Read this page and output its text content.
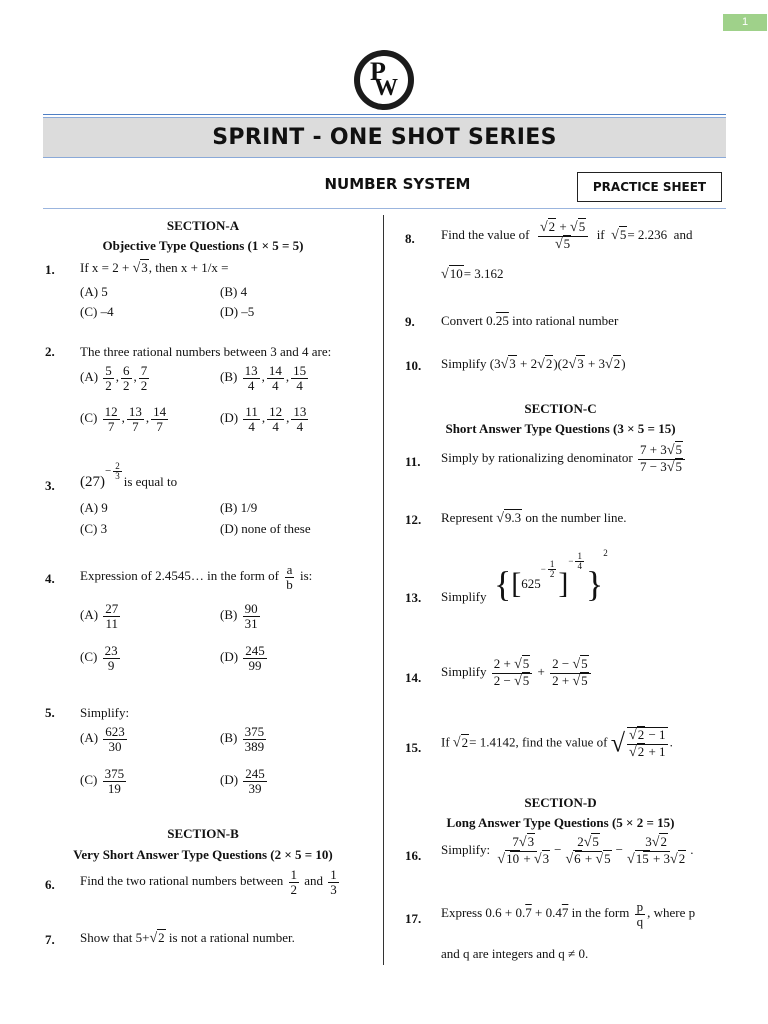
1
P
W
SPRINT - ONE SHOT SERIES
NUMBER SYSTEM	PRACTICE SHEET
SECTION-A
Objective Type Questions (1 × 5 = 5)
1. If x = 2 + √3, then x + 1/x =
(A) 5	(B) 4
(C) –4	(D) –5
2. The three rational numbers between 3 and 4 are:
$(A) \frac{5}{2}$ , $\frac{6}{2}$ , $\frac{7}{2}$	$(B) \frac{13}{4}$ , $\frac{14}{4}$ , $\frac{15}{4}$
$(C) \frac{12}{7}$ , $\frac{13}{7}$ , $\frac{14}{7}$	$(D) \frac{11}{4}$ , $\frac{12}{4}$ , $\frac{13}{4}$
3. $(27)^{- \frac{2}{3}}$ is equal to
(A) 9	(B) 1/9
(C) 3	(D) none of these
4. Expression of 2.4545… in the form of $\frac{a}{b}$ is:
$(A) \frac{27}{11}$	$(B) \frac{90}{31}$
$(C) \frac{23}{9}$	$(D) \frac{245}{99}$
5. Simplify:
$(A) \frac{623}{30}$	$(B) \frac{375}{389}$
$(C) \frac{375}{19}$	$(D) \frac{245}{39}$
SECTION-B
Very Short Answer Type Questions (2 × 5 = 10)
6. Find the two rational numbers between $\frac{1}{2}$ and $\frac{1}{3}$
7. Show that 5+√2 is not a rational number.
8. Find the value of $\frac{√2 + √5}{√5}$ if √5= 2.236 and
√10= 3.162
9. Convert 0.25 into rational number
10. Simplify (3√3 + 2√2)(2√3 + 3√2)
SECTION-C
Short Answer Type Questions (3 × 5 = 15)
11. Simply by rationalizing denominator $\frac{7 + 3√5}{7 - 3√5}$
12. Represent √9.3 on the number line.
13. Simplify {[$625^{- \frac{1}{2}}$ ]$^{- \frac{1}{4}}$
}$^2$
14. Simplify $\frac{2 + √5}{2 - √5} + \frac{2 - √5}{2 + √5}$
15. If √2= 1.4142, find the value of √ $\frac{√2 - 1}{√2 + 1}$ .
SECTION-D
Long Answer Type Questions (5 × 2 = 15)
16. Simplify: $\frac{7√3}{√10 + √3} - \frac{2√5}{√6 + √5} - \frac{3√2}{√15 + 3√2}$ .
17. Express 0.6 + 0.7 + 0.47 in the form $\frac{p}{q}$ , where p
and q are integers and q ≠ 0.
